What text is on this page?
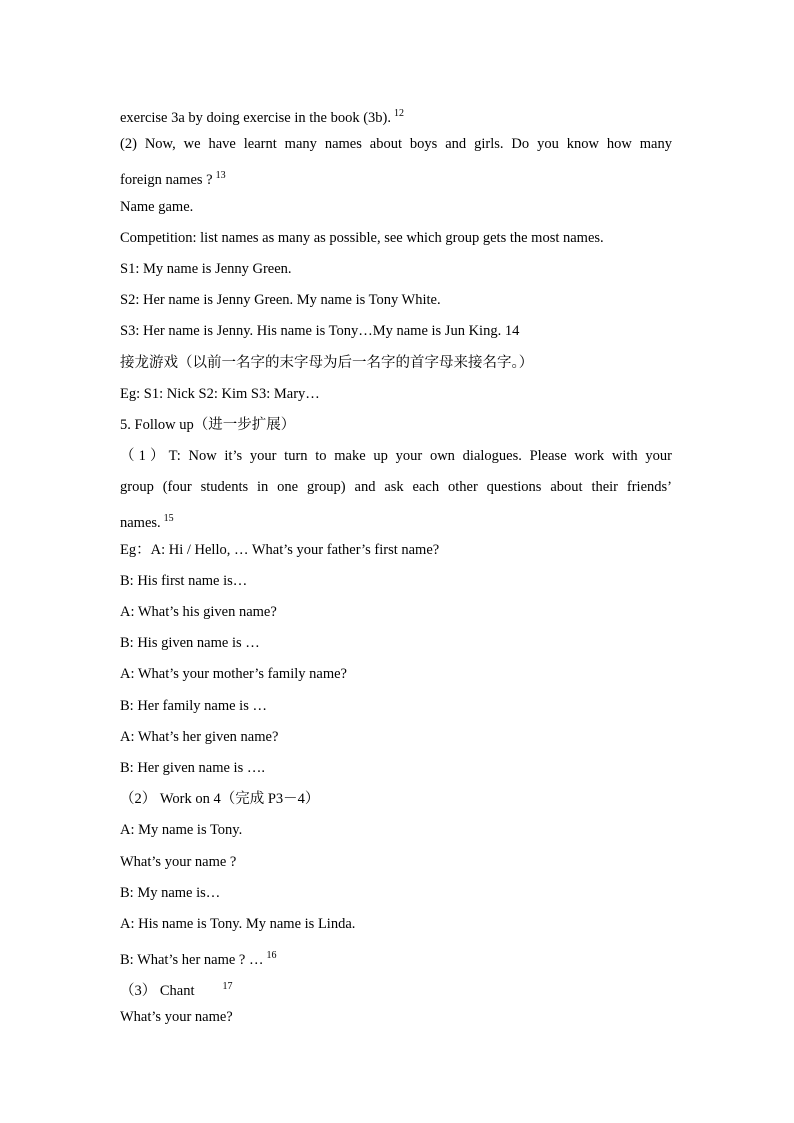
exercise 3a by doing exercise in the book (3b). $^{12}$
(2) Now, we have learnt many names about boys and girls. Do you know how many
foreign names ? $^{13}$
Name game.
Competition: list names as many as possible, see which group gets the most names.
S1: My name is Jenny Green.
S2: Her name is Jenny Green. My name is Tony White.
S3: Her name is Jenny. His name is Tony…My name is Jun King. 14
接龙游戏（以前一名字的末字母为后一名字的首字母来接名字。）
Eg: S1: Nick S2: Kim S3: Mary…
5. Follow up（进一步扩展）
（1）T: Now it’s your turn to make up your own dialogues. Please work with your
group (four students in one group) and ask each other questions about their friends’
names. $^{15}$
Eg：A: Hi / Hello, … What’s your father’s first name?
B: His first name is…
A: What’s his given name?
B: His given name is …
A: What’s your mother’s family name?
B: Her family name is …
A: What’s her given name?
B: Her given name is ….
（2） Work on 4（完成 P3－4）
A: My name is Tony.
What’s your name ?
B: My name is…
A: His name is Tony. My name is Linda.
B: What’s her name ? … $^{16}$
（3） Chant	$^{17}$
What’s your name?
